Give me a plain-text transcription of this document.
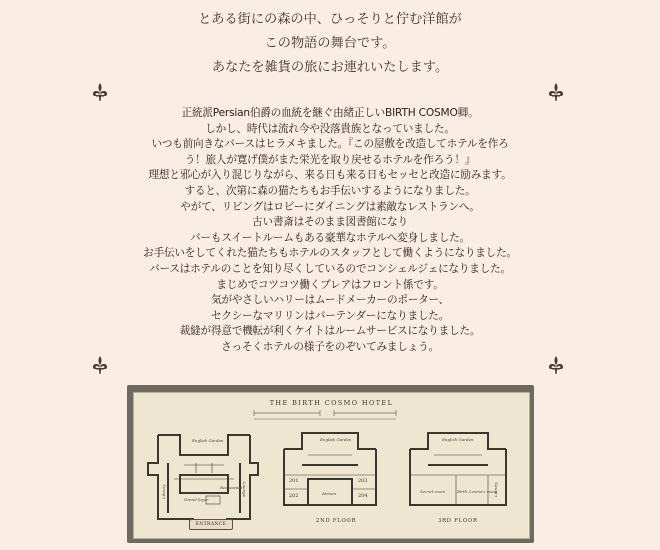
とある街にの森の中、ひっそりと佇む洋館が
この物語の舞台です。
あなたを雑貨の旅にお連れいたします。
正統派Persian伯爵の血統を継ぐ由緒正しいBIRTH COSMO卿。
しかし、時代は流れ今や没落貴族となっていました。
いつも前向きなバースはヒラメキました。『この屋敷を改造してホテルを作ろ
う！旅人が寛げ僕がまた栄光を取り戻せるホテルを作ろう！』
理想と邪心が入り混じりながら、来る日も来る日もセッセと改造に励みます。
すると、次第に森の猫たちもお手伝いするようになりました。
やがて、リビングはロビーにダイニングは素敵なレストランへ。
古い書斎はそのまま図書館になり
バーもスイートルームもある豪華なホテルへ変身しました。
お手伝いをしてくれた猫たちもホテルのスタッフとして働くようになりました。
バースはホテルのことを知り尽くしているのでコンシェルジェになりました。
まじめでコツコツ働くブレアはフロント係です。
気がやさしいハリーはムードメーカーのポーター、
セクシーなマリリンはバーテンダーになりました。
裁縫が得意で機転が利くケイトはルームサービスになりました。
さっそくホテルの様子をのぞいてみましょう。
THE BIRTH COSMO HOTEL
English Garden	English Garden	English Garden
Library	Lounge
Grand foyer
Restaurant
201
202
203
204
Atrium	Secret room	Birth Cosmo's room
Library
ENTRANCE
2ND FLOOR	3RD FLOOR
